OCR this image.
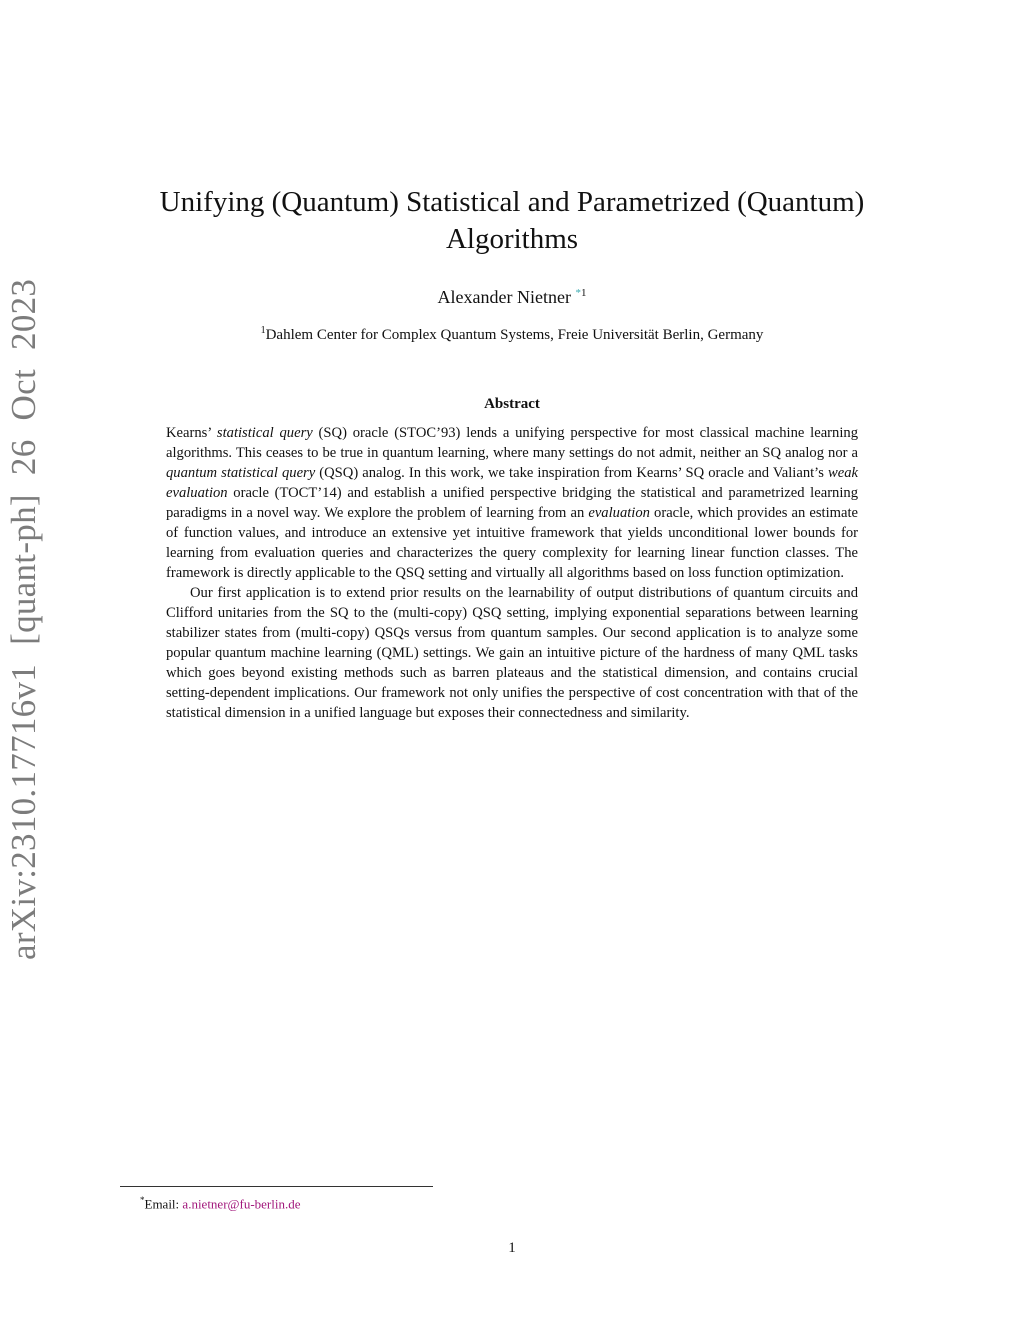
arXiv:2310.17716v1 [quant-ph] 26 Oct 2023
Unifying (Quantum) Statistical and Parametrized (Quantum) Algorithms
Alexander Nietner $^{*1}$
$^1$Dahlem Center for Complex Quantum Systems, Freie Universität Berlin, Germany
Abstract

Kearns’ statistical query (SQ) oracle (STOC’93) lends a unifying perspective for most classical machine learning algorithms. This ceases to be true in quantum learning, where many settings do not admit, neither an SQ analog nor a quantum statistical query (QSQ) analog. In this work, we take inspiration from Kearns’ SQ oracle and Valiant’s weak evaluation oracle (TOCT’14) and establish a unified perspective bridging the statistical and parametrized learning paradigms in a novel way. We explore the problem of learning from an evaluation oracle, which provides an estimate of function values, and introduce an extensive yet intuitive framework that yields unconditional lower bounds for learning from evaluation queries and characterizes the query complexity for learning linear function classes. The framework is directly applicable to the QSQ setting and virtually all algorithms based on loss function optimization.

Our first application is to extend prior results on the learnability of output distributions of quantum circuits and Clifford unitaries from the SQ to the (multi-copy) QSQ setting, implying exponential separations between learning stabilizer states from (multi-copy) QSQs versus from quantum samples. Our second application is to analyze some popular quantum machine learning (QML) settings. We gain an intuitive picture of the hardness of many QML tasks which goes beyond existing methods such as barren plateaus and the statistical dimension, and contains crucial setting-dependent implications. Our framework not only unifies the perspective of cost concentration with that of the statistical dimension in a unified language but exposes their connectedness and similarity.

*Email: a.nietner@fu-berlin.de
1
